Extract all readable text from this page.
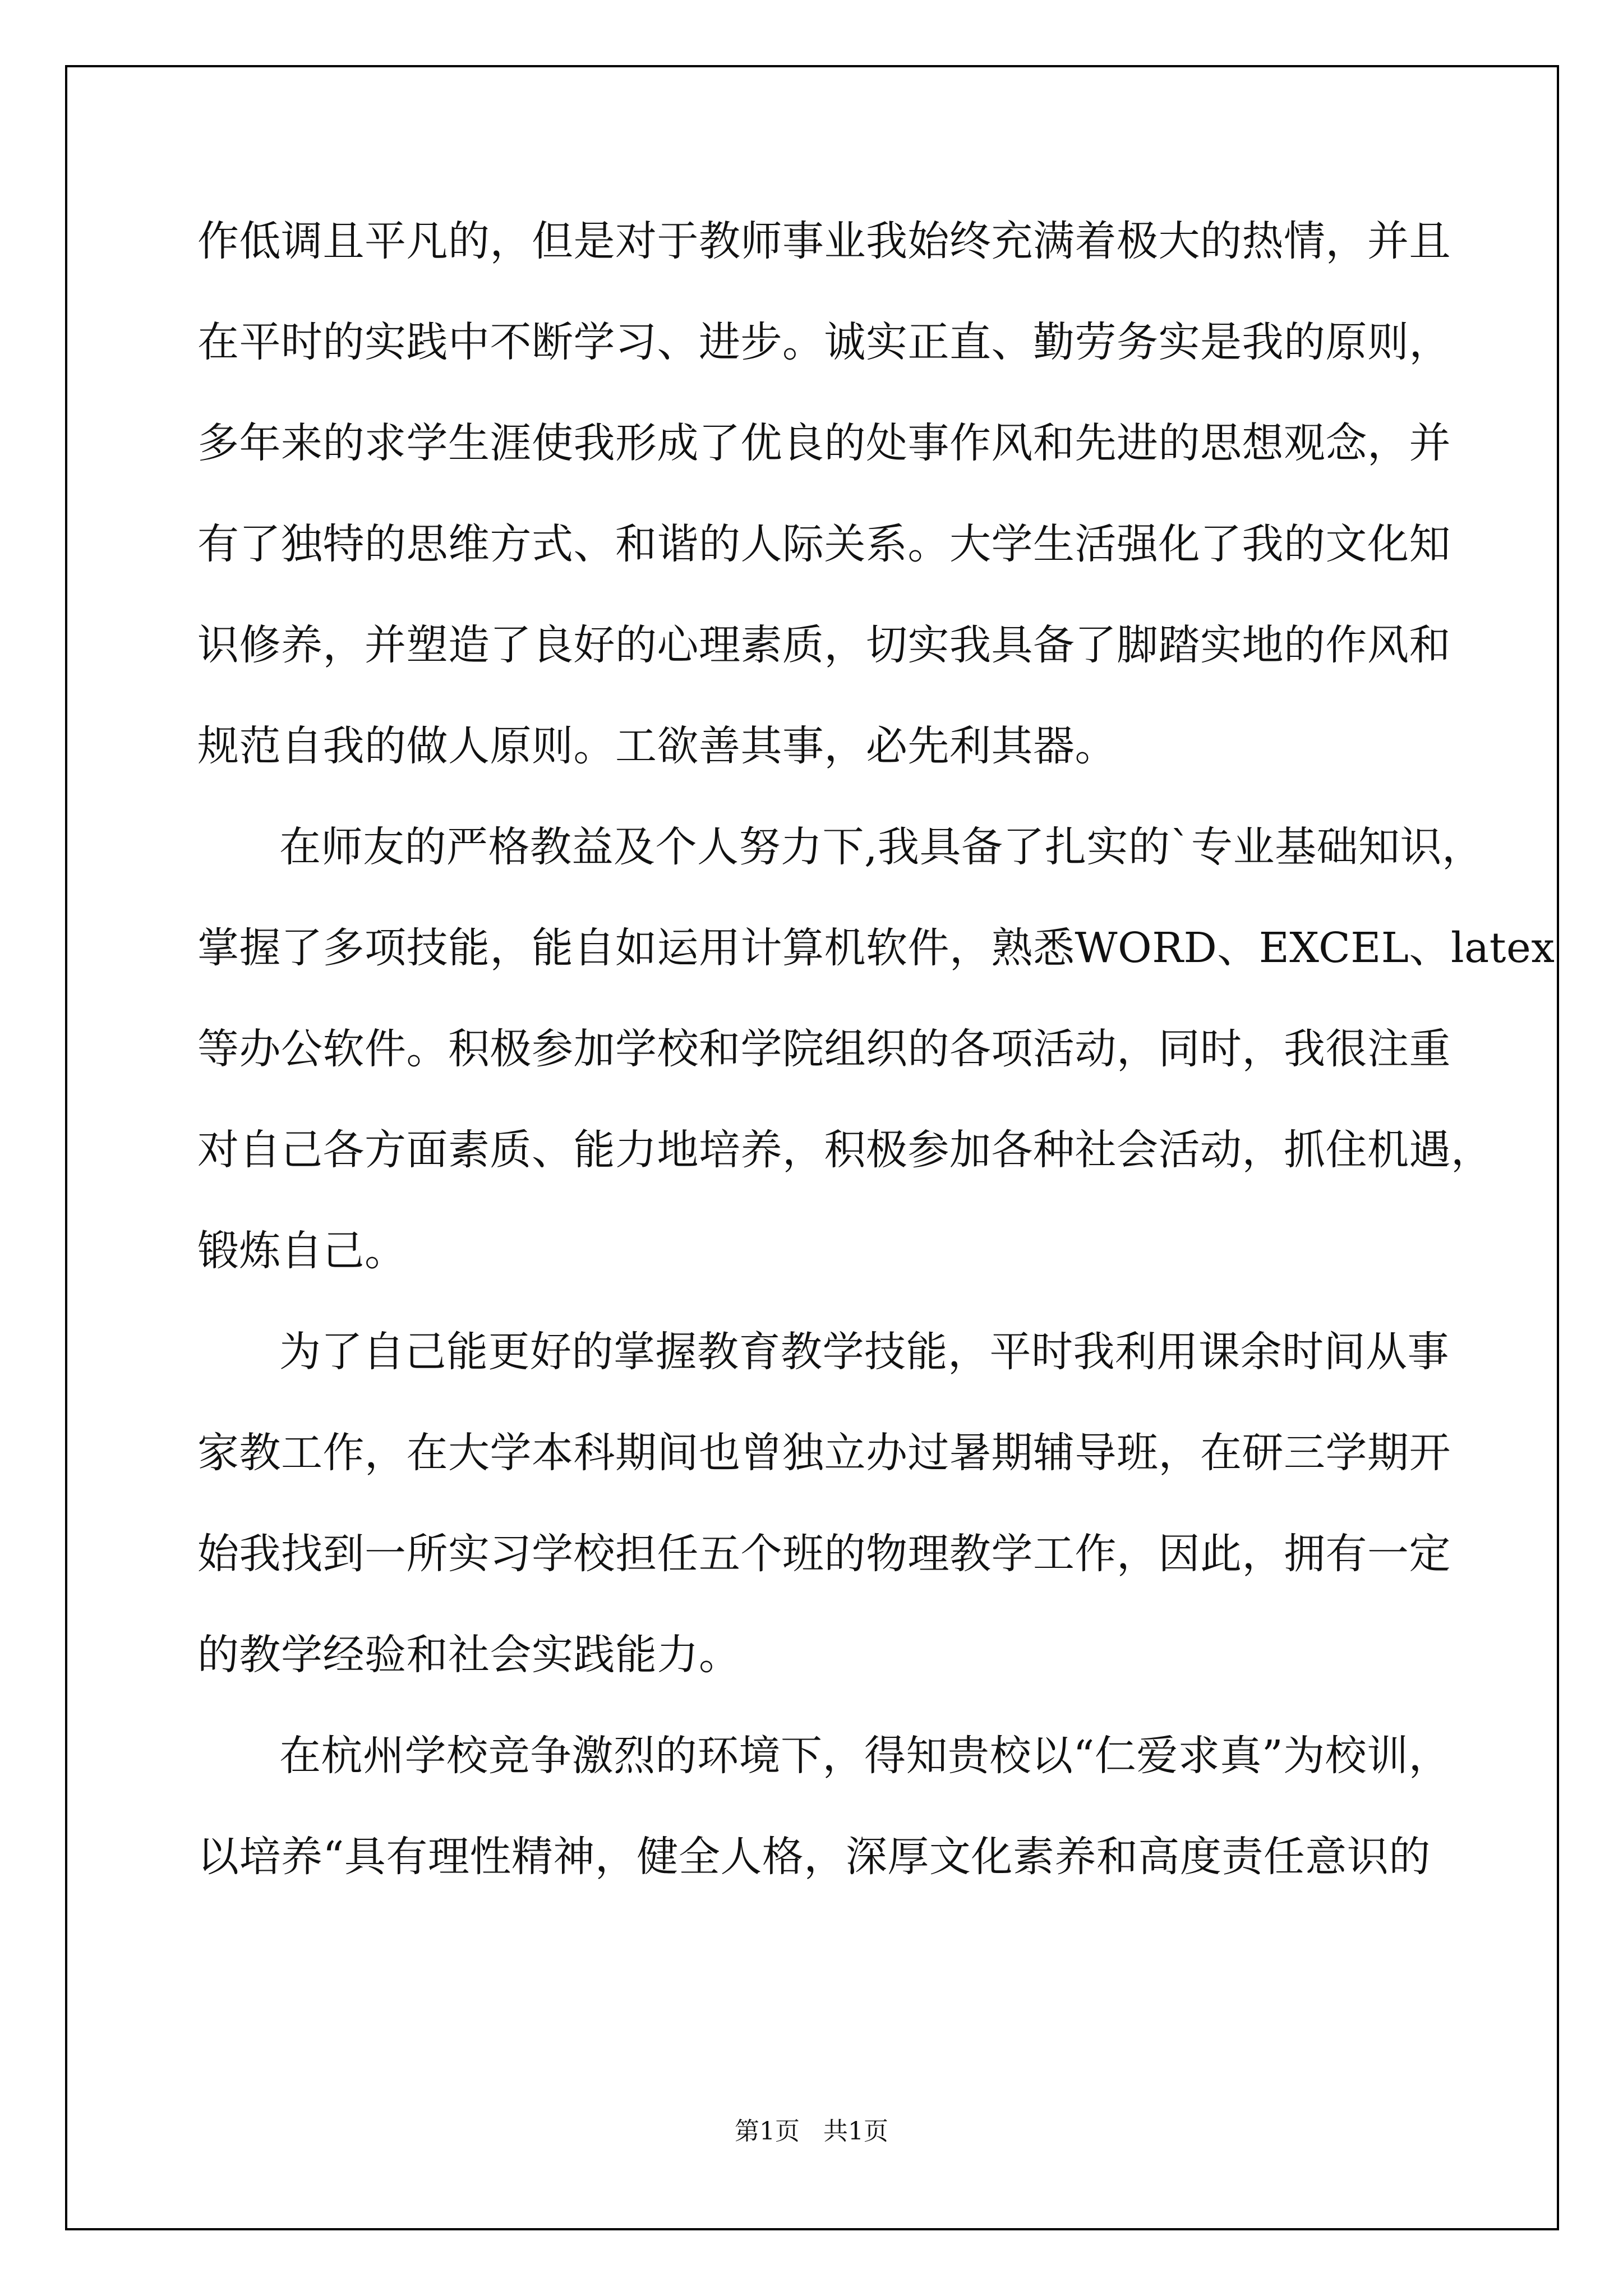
作低调且平凡的，但是对于教师事业我始终充满着极大的热情，并且
在平时的实践中不断学习、进步。诚实正直、勤劳务实是我的原则，
多年来的求学生涯使我形成了优良的处事作风和先进的思想观念，并
有了独特的思维方式、和谐的人际关系。大学生活强化了我的文化知
识修养，并塑造了良好的心理素质，切实我具备了脚踏实地的作风和
规范自我的做人原则。工欲善其事，必先利其器。
在师友的严格教益及个人努力下,我具备了扎实的`专业基础知识，
掌握了多项技能，能自如运用计算机软件，熟悉WORD、EXCEL、latex
等办公软件。积极参加学校和学院组织的各项活动，同时，我很注重
对自己各方面素质、能力地培养，积极参加各种社会活动，抓住机遇，
锻炼自己。
为了自己能更好的掌握教育教学技能，平时我利用课余时间从事
家教工作，在大学本科期间也曾独立办过暑期辅导班，在研三学期开
始我找到一所实习学校担任五个班的物理教学工作，因此，拥有一定
的教学经验和社会实践能力。
在杭州学校竞争激烈的环境下，得知贵校以“仁爱求真”为校训，
以培养“具有理性精神，健全人格，深厚文化素养和高度责任意识的
第1页 共1页
